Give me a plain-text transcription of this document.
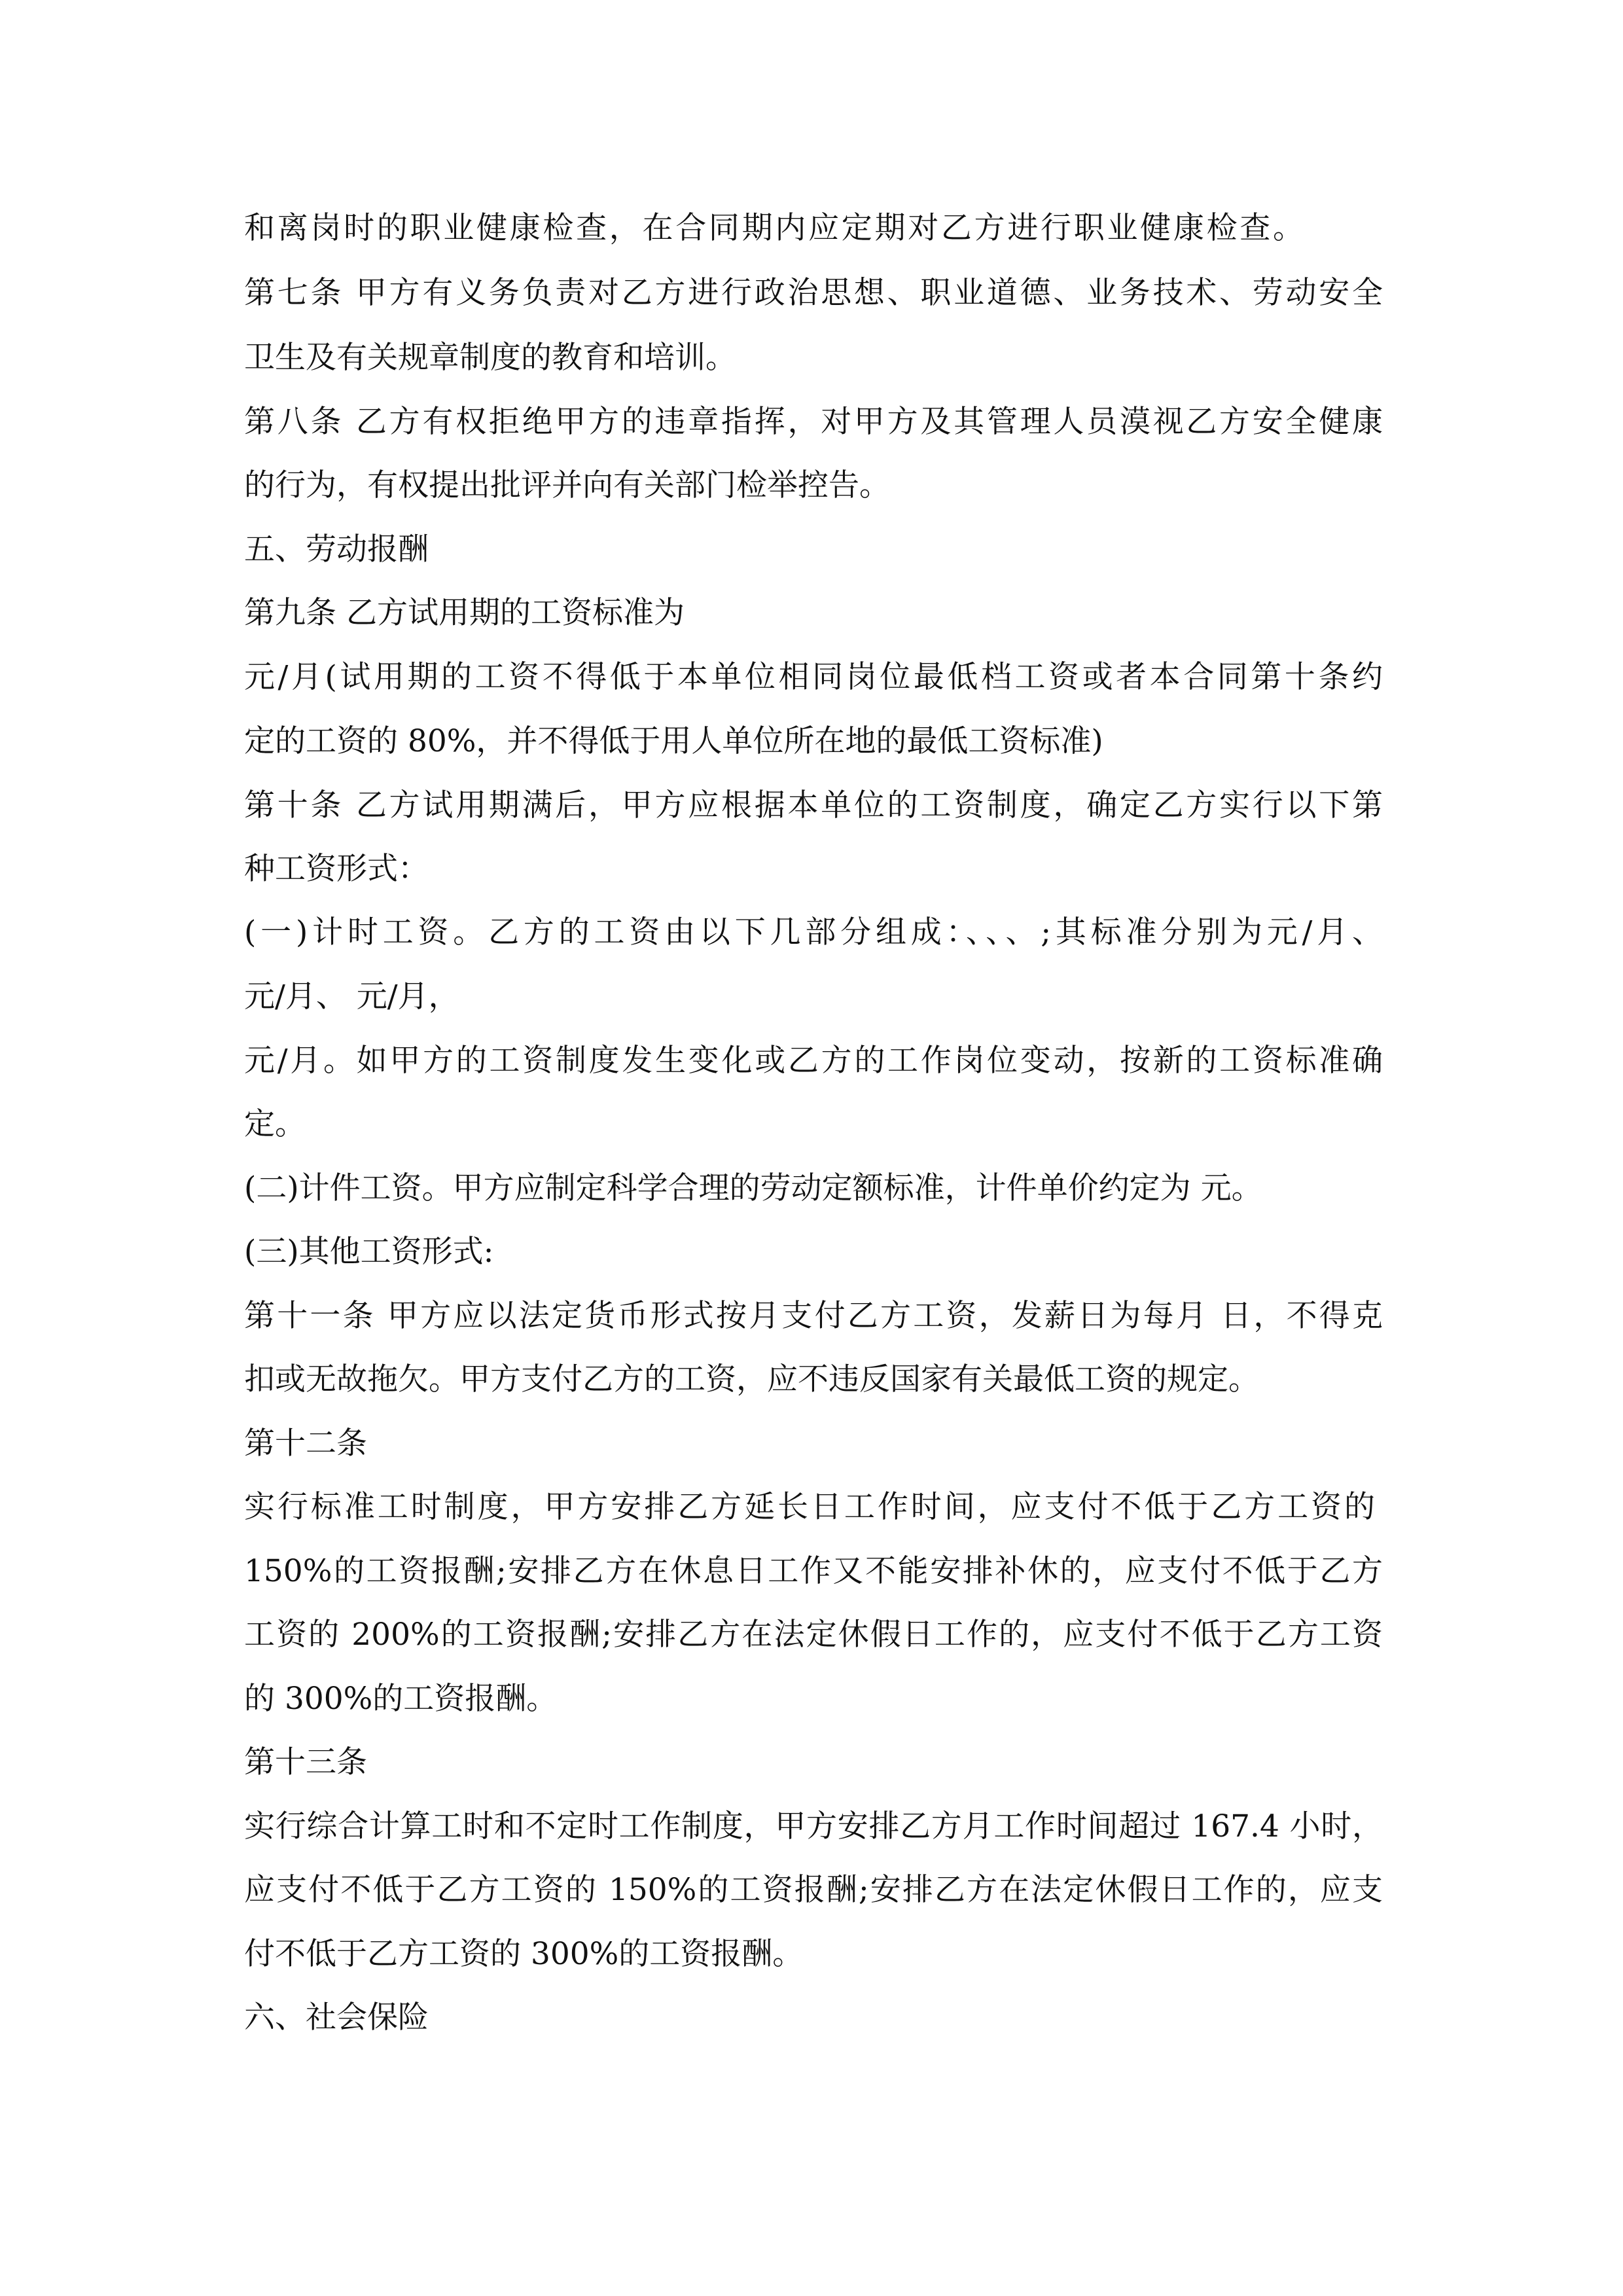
和离岗时的职业健康检查，在合同期内应定期对乙方进行职业健康检查。
第七条 甲方有义务负责对乙方进行政治思想、职业道德、业务技术、劳动安全
卫生及有关规章制度的教育和培训。
第八条 乙方有权拒绝甲方的违章指挥，对甲方及其管理人员漠视乙方安全健康
的行为，有权提出批评并向有关部门检举控告。
五、劳动报酬
第九条 乙方试用期的工资标准为
元/月(试用期的工资不得低于本单位相同岗位最低档工资或者本合同第十条约
定的工资的 80%，并不得低于用人单位所在地的最低工资标准)
第十条 乙方试用期满后，甲方应根据本单位的工资制度，确定乙方实行以下第
种工资形式：
(一)计时工资。乙方的工资由以下几部分组成：、、、;其标准分别为元/月、
元/月、 元/月，
元/月。如甲方的工资制度发生变化或乙方的工作岗位变动，按新的工资标准确
定。
(二)计件工资。甲方应制定科学合理的劳动定额标准，计件单价约定为 元。
(三)其他工资形式:
第十一条 甲方应以法定货币形式按月支付乙方工资，发薪日为每月 日，不得克
扣或无故拖欠。甲方支付乙方的工资，应不违反国家有关最低工资的规定。
第十二条
实行标准工时制度，甲方安排乙方延长日工作时间，应支付不低于乙方工资的
150%的工资报酬;安排乙方在休息日工作又不能安排补休的，应支付不低于乙方
工资的 200%的工资报酬;安排乙方在法定休假日工作的，应支付不低于乙方工资
的 300%的工资报酬。
第十三条
实行综合计算工时和不定时工作制度，甲方安排乙方月工作时间超过 167.4 小时，
应支付不低于乙方工资的 150%的工资报酬;安排乙方在法定休假日工作的，应支
付不低于乙方工资的 300%的工资报酬。
六、社会保险
